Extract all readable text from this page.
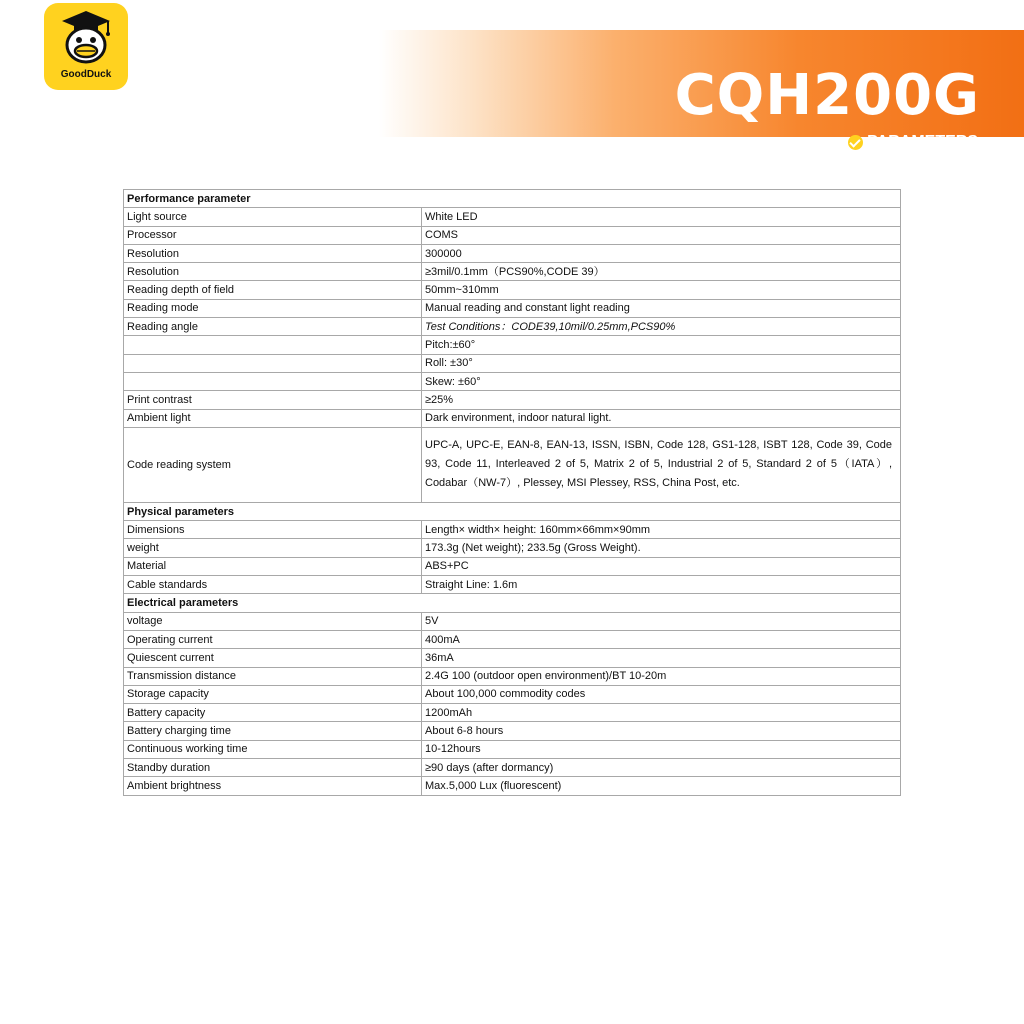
CQH200G
PARAMETERS
GoodDuck
Performance parameter	
Light source	White LED
Processor	COMS
Resolution	300000
Resolution	≥3mil/0.1mm（PCS90%,CODE 39）
Reading depth of field	50mm~310mm
Reading mode	Manual reading and constant light reading
Reading angle	Test Conditions：CODE39,10mil/0.25mm,PCS90%
	Pitch:±60°
	Roll: ±30°
	Skew: ±60°
Print contrast	≥25%
Ambient light	Dark environment, indoor natural light.
Code reading system	UPC-A, UPC-E, EAN-8, EAN-13, ISSN, ISBN, Code 128, GS1-128, ISBT 128, Code 39, Code 93, Code 11, Interleaved 2 of 5, Matrix 2 of 5, Industrial 2 of 5, Standard 2 of 5（IATA）, Codabar（NW-7）, Plessey, MSI Plessey, RSS, China Post, etc.
Physical parameters	
Dimensions	Length× width× height: 160mm×66mm×90mm
weight	173.3g (Net weight); 233.5g (Gross Weight).
Material	ABS+PC
Cable standards	Straight Line: 1.6m
Electrical parameters	
voltage	5V
Operating current	400mA
Quiescent current	36mA
Transmission distance	2.4G 100 (outdoor open environment)/BT 10-20m
Storage capacity	About 100,000 commodity codes
Battery capacity	1200mAh
Battery charging time	About 6-8 hours
Continuous working time	10-12hours
Standby duration	≥90 days (after dormancy)
Ambient brightness	Max.5,000 Lux (fluorescent)
